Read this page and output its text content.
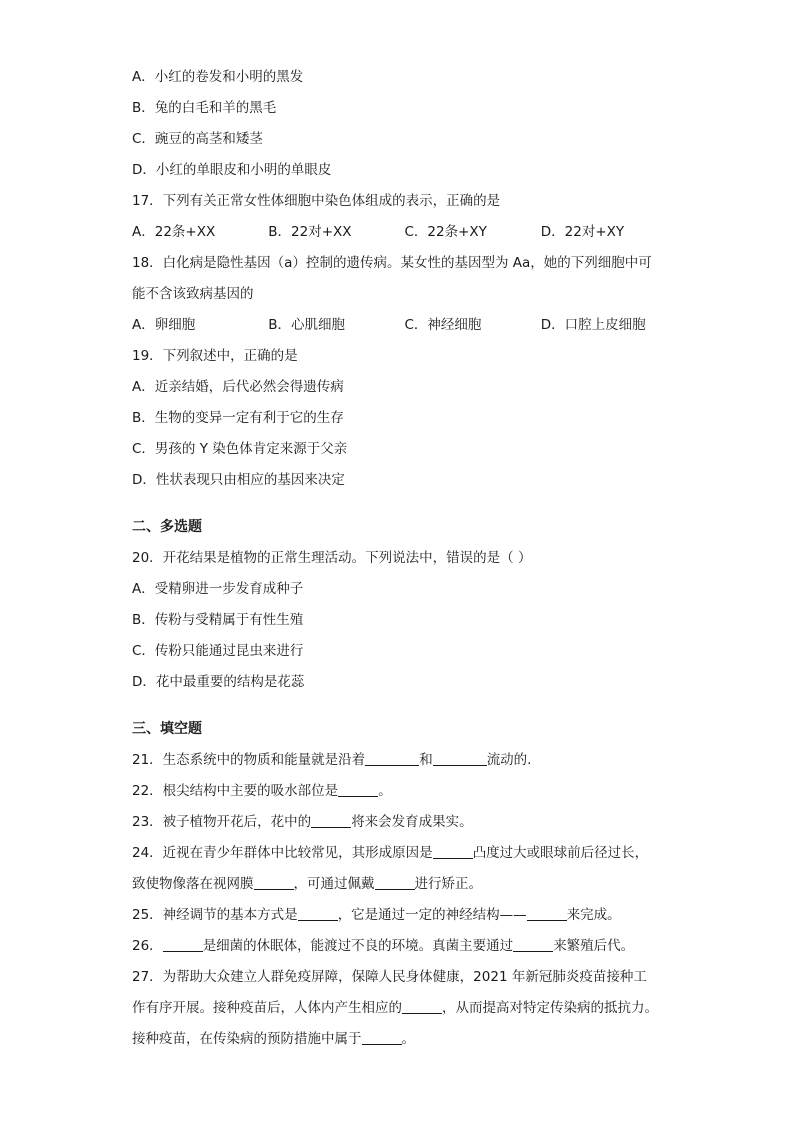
A．小红的卷发和小明的黑发
B．兔的白毛和羊的黑毛
C．豌豆的高茎和矮茎
D．小红的单眼皮和小明的单眼皮
17．下列有关正常女性体细胞中染色体组成的表示，正确的是
A．22条+XX	B．22对+XX	C．22条+XY	D．22对+XY
18．白化病是隐性基因（a）控制的遗传病。某女性的基因型为 Aa，她的下列细胞中可
能不含该致病基因的
A．卵细胞	B．心肌细胞	C．神经细胞	D．口腔上皮细胞
19．下列叙述中，正确的是
A．近亲结婚，后代必然会得遗传病
B．生物的变异一定有利于它的生存
C．男孩的 Y 染色体肯定来源于父亲
D．性状表现只由相应的基因来决定
二、多选题
20．开花结果是植物的正常生理活动。下列说法中，错误的是（ ）
A．受精卵进一步发育成种子
B．传粉与受精属于有性生殖
C．传粉只能通过昆虫来进行
D．花中最重要的结构是花蕊
三、填空题
21．生态系统中的物质和能量就是沿着	和	流动的.
22．根尖结构中主要的吸水部位是	。
23．被子植物开花后，花中的	将来会发育成果实。
24．近视在青少年群体中比较常见，其形成原因是	凸度过大或眼球前后径过长，
致使物像落在视网膜	，可通过佩戴	进行矫正。
25．神经调节的基本方式是	，它是通过一定的神经结构——	来完成。
26．	是细菌的休眠体，能渡过不良的环境。真菌主要通过	来繁殖后代。
27．为帮助大众建立人群免疫屏障，保障人民身体健康，2021 年新冠肺炎疫苗接种工
作有序开展。接种疫苗后，人体内产生相应的	，从而提高对特定传染病的抵抗力。
接种疫苗，在传染病的预防措施中属于	。
